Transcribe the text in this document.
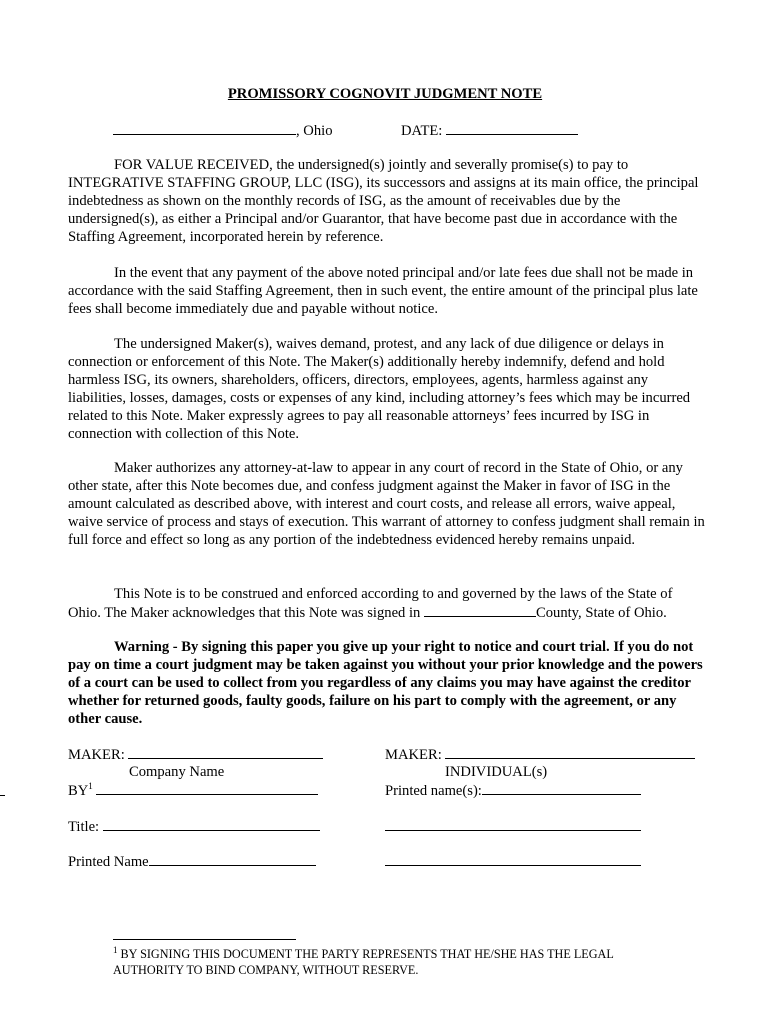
PROMISSORY COGNOVIT JUDGMENT NOTE
, Ohio	DATE:
FOR VALUE RECEIVED, the undersigned(s) jointly and severally promise(s) to pay to INTEGRATIVE STAFFING GROUP, LLC (ISG), its successors and assigns at its main office, the principal indebtedness as shown on the monthly records of ISG, as the amount of receivables due by the undersigned(s), as either a Principal and/or Guarantor, that have become past due in accordance with the Staffing Agreement, incorporated herein by reference.
In the event that any payment of the above noted principal and/or late fees due shall not be made in accordance with the said Staffing Agreement, then in such event, the entire amount of the principal plus late fees shall become immediately due and payable without notice.
The undersigned Maker(s), waives demand, protest, and any lack of due diligence or delays in connection or enforcement of this Note. The Maker(s) additionally hereby indemnify, defend and hold harmless ISG, its owners, shareholders, officers, directors, employees, agents, harmless against any liabilities, losses, damages, costs or expenses of any kind, including attorney’s fees which may be incurred related to this Note. Maker expressly agrees to pay all reasonable attorneys’ fees incurred by ISG in connection with collection of this Note.
Maker authorizes any attorney-at-law to appear in any court of record in the State of Ohio, or any other state, after this Note becomes due, and confess judgment against the Maker in favor of ISG in the amount calculated as described above, with interest and court costs, and release all errors, waive appeal, waive service of process and stays of execution. This warrant of attorney to confess judgment shall remain in full force and effect so long as any portion of the indebtedness evidenced hereby remains unpaid.
This Note is to be construed and enforced according to and governed by the laws of the State of Ohio. The Maker acknowledges that this Note was signed in	County, State of Ohio.
Warning - By signing this paper you give up your right to notice and court trial. If you do not pay on time a court judgment may be taken against you without your prior knowledge and the powers of a court can be used to collect from you regardless of any claims you may have against the creditor whether for returned goods, faulty goods, failure on his part to comply with the agreement, or any other cause.
MAKER:
Company Name
$BY^1$
Title:
Printed Name
MAKER:
INDIVIDUAL(s)
Printed name(s):
$^1$ BY SIGNING THIS DOCUMENT THE PARTY REPRESENTS THAT HE/SHE HAS THE LEGAL AUTHORITY TO BIND COMPANY, WITHOUT RESERVE.
